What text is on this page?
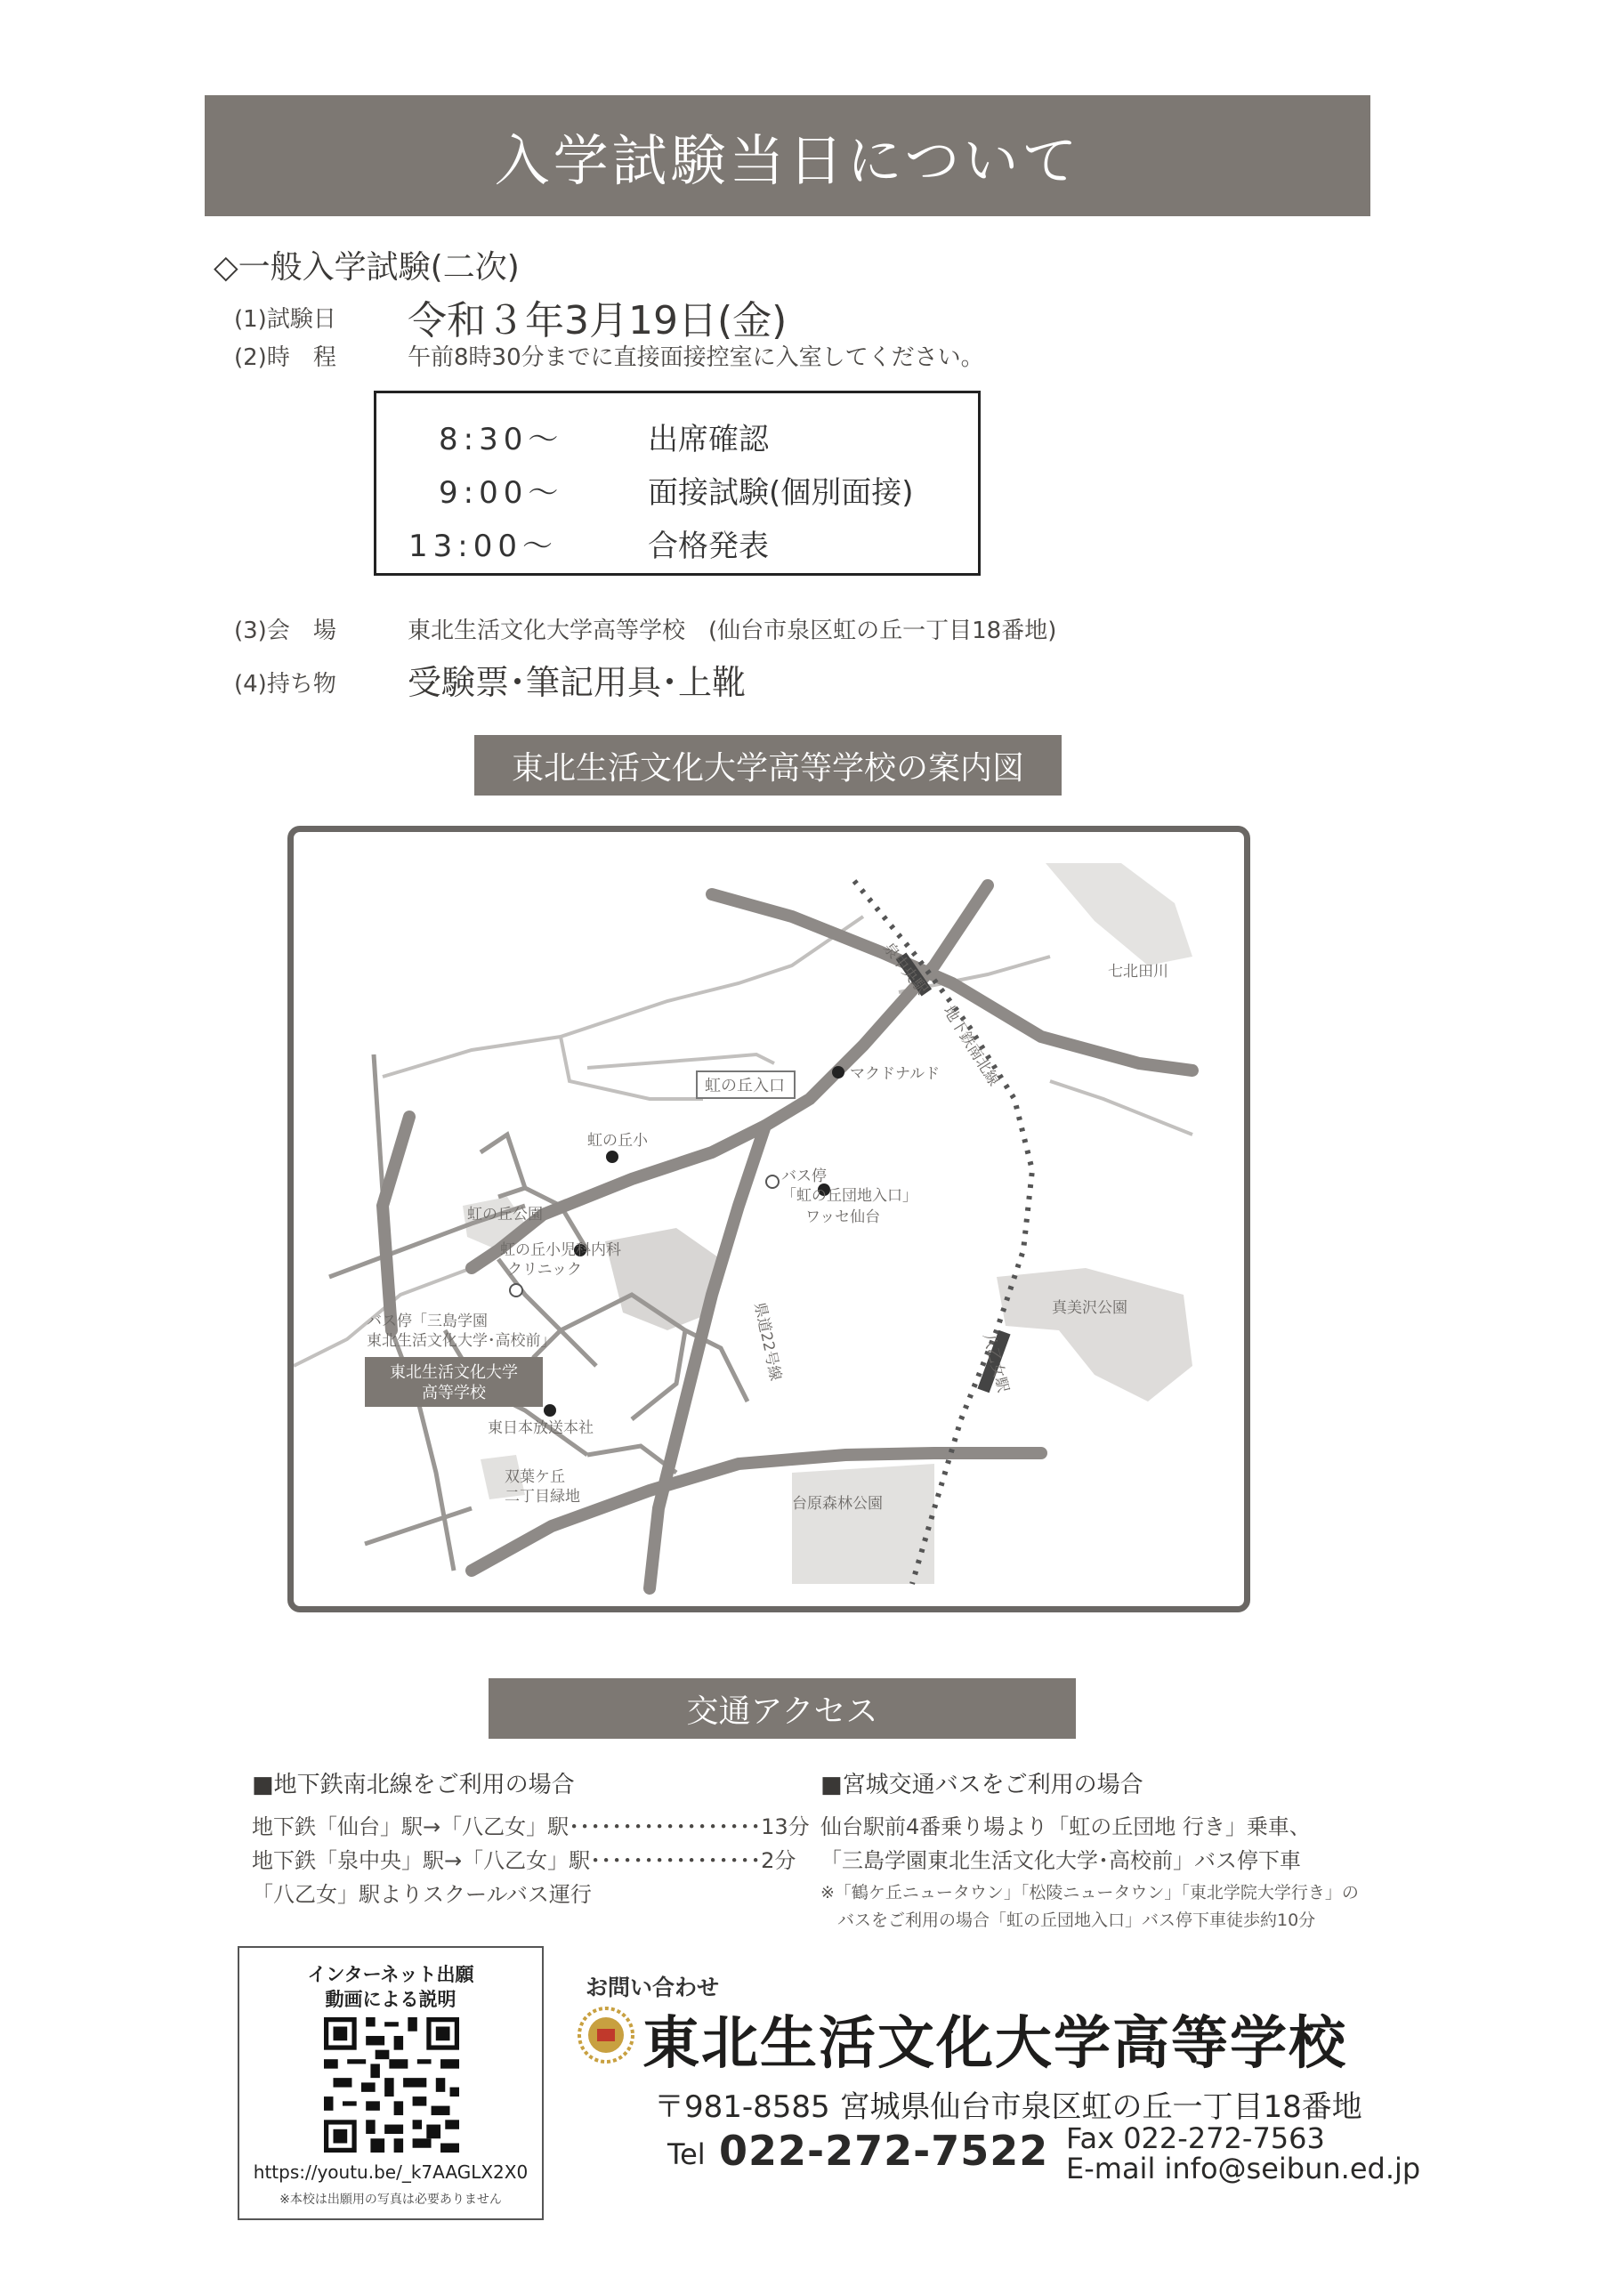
入学試験当日について
◇一般入学試験(二次)
(1)試験日 令和３年3月19日(金)
(2)時　程	午前8時30分までに直接面接控室に入室してください。
8:30〜	出席確認
9:00〜	面接試験(個別面接)
13:00〜	合格発表
(3)会　場	東北生活文化大学高等学校　(仙台市泉区虹の丘一丁目18番地)
(4)持ち物 受験票･筆記用具･上靴
東北生活文化大学高等学校の案内図
泉中央駅
地下鉄南北線
七北田川
虹の丘入口
マクドナルド
虹の丘小
バス停
「虹の丘団地入口」
虹の丘公園
虹の丘小児科内科
クリニック
ワッセ仙台
バス停「三島学園
東北生活文化大学･高校前」
東北生活文化大学
高等学校
県道22号線	真美沢公園
八乙女駅
東日本放送本社
双葉ケ丘
二丁目緑地	台原森林公園
交通アクセス
■地下鉄南北線をご利用の場合
地下鉄「仙台」駅→「八乙女」駅･･････････････････13分
地下鉄「泉中央」駅→「八乙女」駅････････････････2分
「八乙女」駅よりスクールバス運行
■宮城交通バスをご利用の場合
仙台駅前4番乗り場より「虹の丘団地 行き」乗車、
「三島学園東北生活文化大学･高校前」バス停下車
※「鶴ケ丘ニュータウン」「松陵ニュータウン」「東北学院大学行き」の
　バスをご利用の場合「虹の丘団地入口」バス停下車徒歩約10分
インターネット出願
動画による説明
https://youtu.be/_k7AAGLX2X0
※本校は出願用の写真は必要ありません
お問い合わせ
東北生活文化大学高等学校
〒981-8585 宮城県仙台市泉区虹の丘一丁目18番地
Tel 022-272-7522 Fax 022-272-7563
E-mail info@seibun.ed.jp
